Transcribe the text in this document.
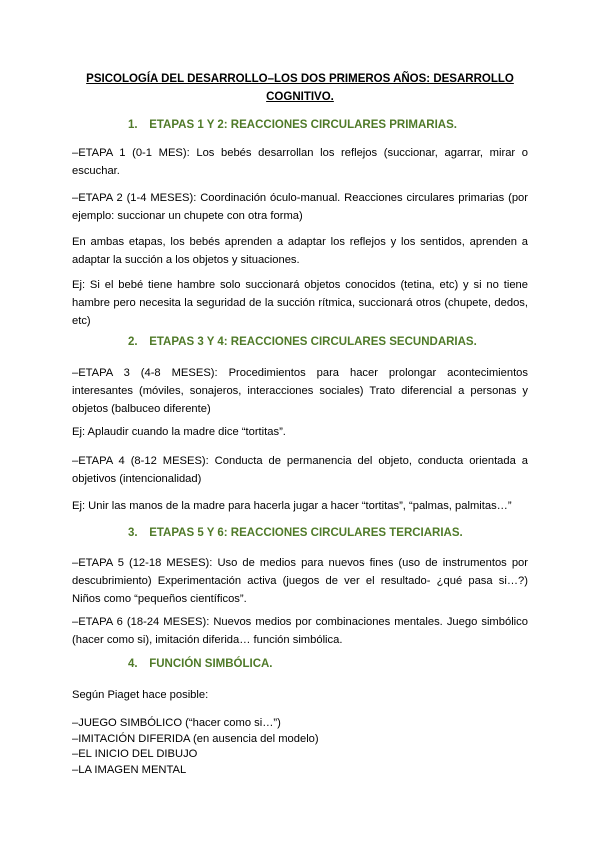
PSICOLOGÍA DEL DESARROLLO–LOS DOS PRIMEROS AÑOS: DESARROLLO COGNITIVO.
1. ETAPAS 1 Y 2: REACCIONES CIRCULARES PRIMARIAS.

–ETAPA 1 (0-1 MES): Los bebés desarrollan los reflejos (succionar, agarrar, mirar o escuchar.

–ETAPA 2 (1-4 MESES): Coordinación óculo-manual. Reacciones circulares primarias (por ejemplo: succionar un chupete con otra forma)

En ambas etapas, los bebés aprenden a adaptar los reflejos y los sentidos, aprenden a adaptar la succión a los objetos y situaciones.

Ej: Si el bebé tiene hambre solo succionará objetos conocidos (tetina, etc) y si no tiene hambre pero necesita la seguridad de la succión rítmica, succionará otros (chupete, dedos, etc)

2. ETAPAS 3 Y 4: REACCIONES CIRCULARES SECUNDARIAS.

–ETAPA 3 (4-8 MESES): Procedimientos para hacer prolongar acontecimientos interesantes (móviles, sonajeros, interacciones sociales) Trato diferencial a personas y objetos (balbuceo diferente)

Ej: Aplaudir cuando la madre dice “tortitas”.

–ETAPA 4 (8-12 MESES): Conducta de permanencia del objeto, conducta orientada a objetivos (intencionalidad)

Ej: Unir las manos de la madre para hacerla jugar a hacer “tortitas”, “palmas, palmitas…”

3. ETAPAS 5 Y 6: REACCIONES CIRCULARES TERCIARIAS.

–ETAPA 5 (12-18 MESES): Uso de medios para nuevos fines (uso de instrumentos por descubrimiento) Experimentación activa (juegos de ver el resultado- ¿qué pasa si…?) Niños como “pequeños científicos”.

–ETAPA 6 (18-24 MESES): Nuevos medios por combinaciones mentales. Juego simbólico (hacer como si), imitación diferida… función simbólica.

4. FUNCIÓN SIMBÓLICA.

Según Piaget hace posible:

–JUEGO SIMBÓLICO (“hacer como si…”)
–IMITACIÓN DIFERIDA (en ausencia del modelo)
–EL INICIO DEL DIBUJO
–LA IMAGEN MENTAL
